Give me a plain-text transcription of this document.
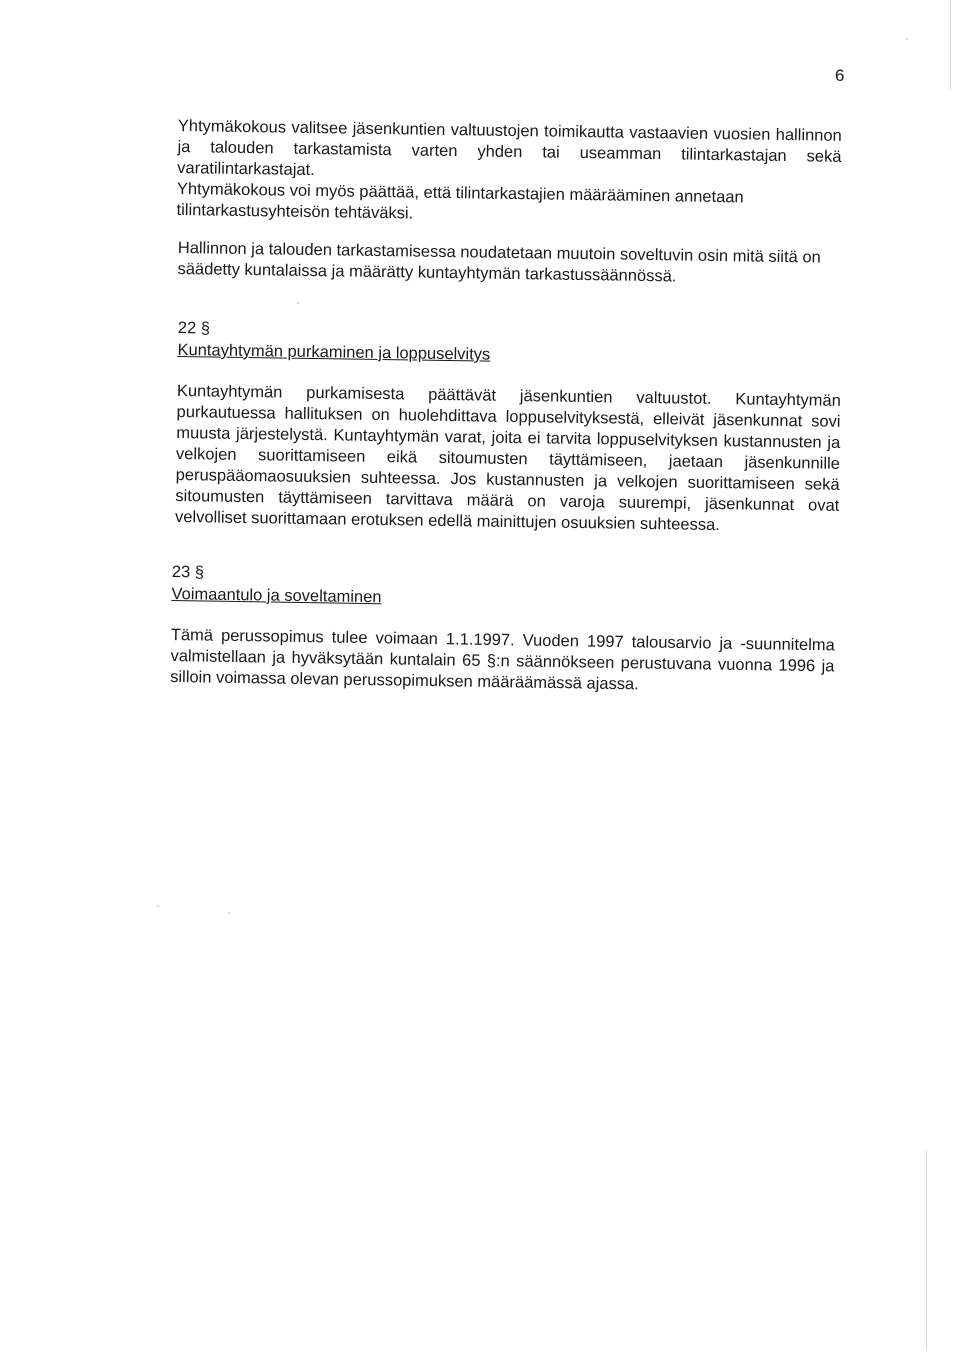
6

Yhtymäkokous valitsee jäsenkuntien valtuustojen toimikautta vastaavien vuosien hallinnon ja talouden tarkastamista varten yhden tai useamman tilintarkastajan sekä varatilintarkastajat.

Yhtymäkokous voi myös päättää, että tilintarkastajien määrääminen annetaan tilintarkastusyhteisön tehtäväksi.

Hallinnon ja talouden tarkastamisessa noudatetaan muutoin soveltuvin osin mitä siitä on säädetty kuntalaissa ja määrätty kuntayhtymän tarkastussäännössä.

22 §
Kuntayhtymän purkaminen ja loppuselvitys

Kuntayhtymän purkamisesta päättävät jäsenkuntien valtuustot. Kuntayhtymän purkautuessa hallituksen on huolehdittava loppuselvityksestä, elleivät jäsenkunnat sovi muusta järjestelystä. Kuntayhtymän varat, joita ei tarvita loppuselvityksen kustannusten ja velkojen suorittamiseen eikä sitoumusten täyttämiseen, jaetaan jäsenkunnille peruspääomaosuuksien suhteessa. Jos kustannusten ja velkojen suorittamiseen sekä sitoumusten täyttämiseen tarvittava määrä on varoja suurempi, jäsenkunnat ovat velvolliset suorittamaan erotuksen edellä mainittujen osuuksien suhteessa.

23 §
Voimaantulo ja soveltaminen

Tämä perussopimus tulee voimaan 1.1.1997. Vuoden 1997 talousarvio ja -suunnitelma valmistellaan ja hyväksytään kuntalain 65 §:n säännökseen perustuvana vuonna 1996 ja silloin voimassa olevan perussopimuksen määräämässä ajassa.
